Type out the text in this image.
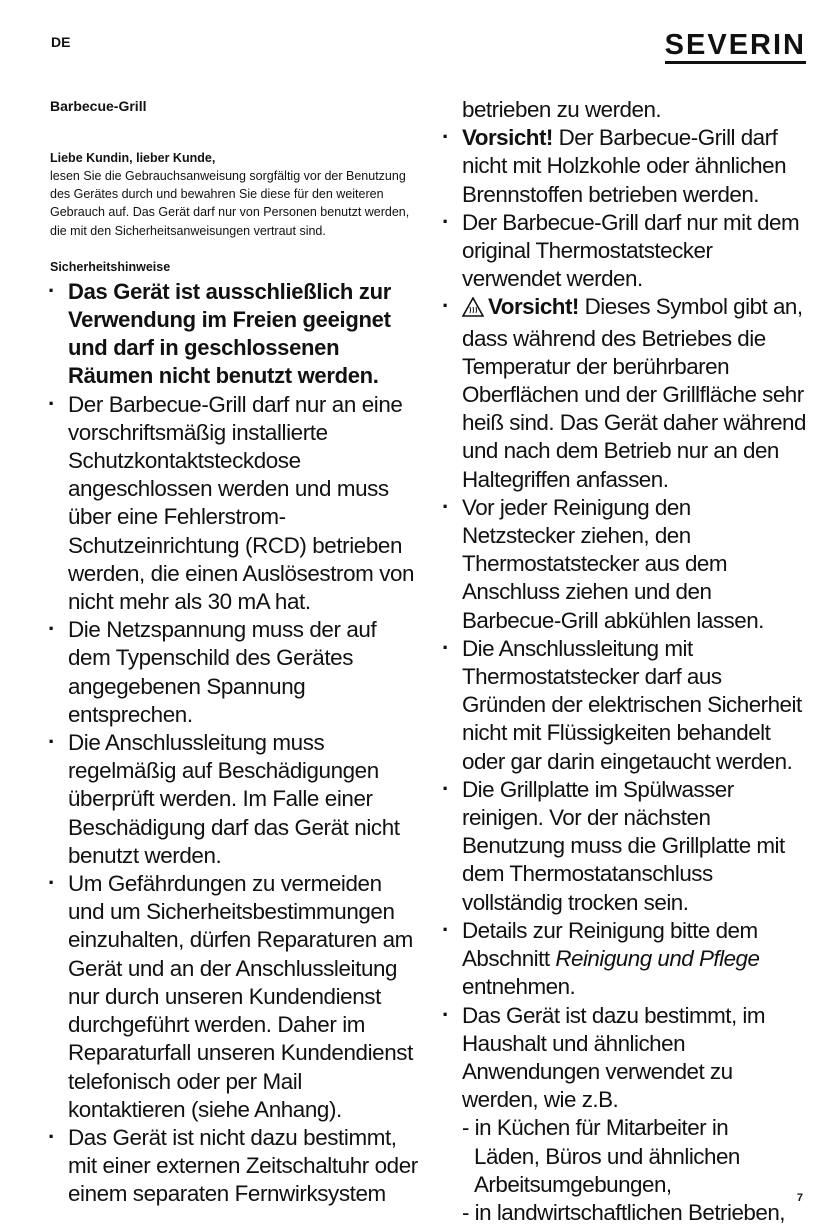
DE	SEVERIN

Barbecue-Grill

Liebe Kundin, lieber Kunde,

lesen Sie die Gebrauchsanweisung sorgfältig vor der Benutzung des Gerätes durch und bewahren Sie diese für den weiteren Gebrauch auf. Das Gerät darf nur von Personen benutzt werden, die mit den Sicherheitsanweisungen vertraut sind.

Sicherheitshinweise

· Das Gerät ist ausschließlich zur Verwendung im Freien geeignet und darf in geschlossenen Räumen nicht benutzt werden.
· Der Barbecue-Grill darf nur an eine vorschriftsmäßig installierte Schutzkontaktsteckdose angeschlossen werden und muss über eine Fehlerstrom-Schutzeinrichtung (RCD) betrieben werden, die einen Auslösestrom von nicht mehr als 30 mA hat.
· Die Netzspannung muss der auf dem Typenschild des Gerätes angegebenen Spannung entsprechen.
· Die Anschlussleitung muss regelmäßig auf Beschädigungen überprüft werden. Im Falle einer Beschädigung darf das Gerät nicht benutzt werden.
· Um Gefährdungen zu vermeiden und um Sicherheitsbestimmungen einzuhalten, dürfen Reparaturen am Gerät und an der Anschlussleitung nur durch unseren Kundendienst durchgeführt werden. Daher im Reparaturfall unseren Kundendienst telefonisch oder per Mail kontaktieren (siehe Anhang).
· Das Gerät ist nicht dazu bestimmt, mit einer externen Zeitschaltuhr oder einem separaten Fernwirksystem
betrieben zu werden.
· Vorsicht! Der Barbecue-Grill darf nicht mit Holzkohle oder ähnlichen Brennstoffen betrieben werden.
· Der Barbecue-Grill darf nur mit dem original Thermostatstecker verwendet werden.
· Vorsicht! Dieses Symbol gibt an, dass während des Betriebes die Temperatur der berührbaren Oberflächen und der Grillfläche sehr heiß sind. Das Gerät daher während und nach dem Betrieb nur an den Haltegriffen anfassen.
· Vor jeder Reinigung den Netzstecker ziehen, den Thermostatstecker aus dem Anschluss ziehen und den Barbecue-Grill abkühlen lassen.
· Die Anschlussleitung mit Thermostatstecker darf aus Gründen der elektrischen Sicherheit nicht mit Flüssigkeiten behandelt oder gar darin eingetaucht werden.
· Die Grillplatte im Spülwasser reinigen. Vor der nächsten Benutzung muss die Grillplatte mit dem Thermostatanschluss vollständig trocken sein.
· Details zur Reinigung bitte dem Abschnitt Reinigung und Pflege entnehmen.
· Das Gerät ist dazu bestimmt, im Haushalt und ähnlichen Anwendungen verwendet zu werden, wie z.B.
- in Küchen für Mitarbeiter in
Läden, Büros und ähnlichen Arbeitsumgebungen,
- in landwirtschaftlichen Betrieben,
7
